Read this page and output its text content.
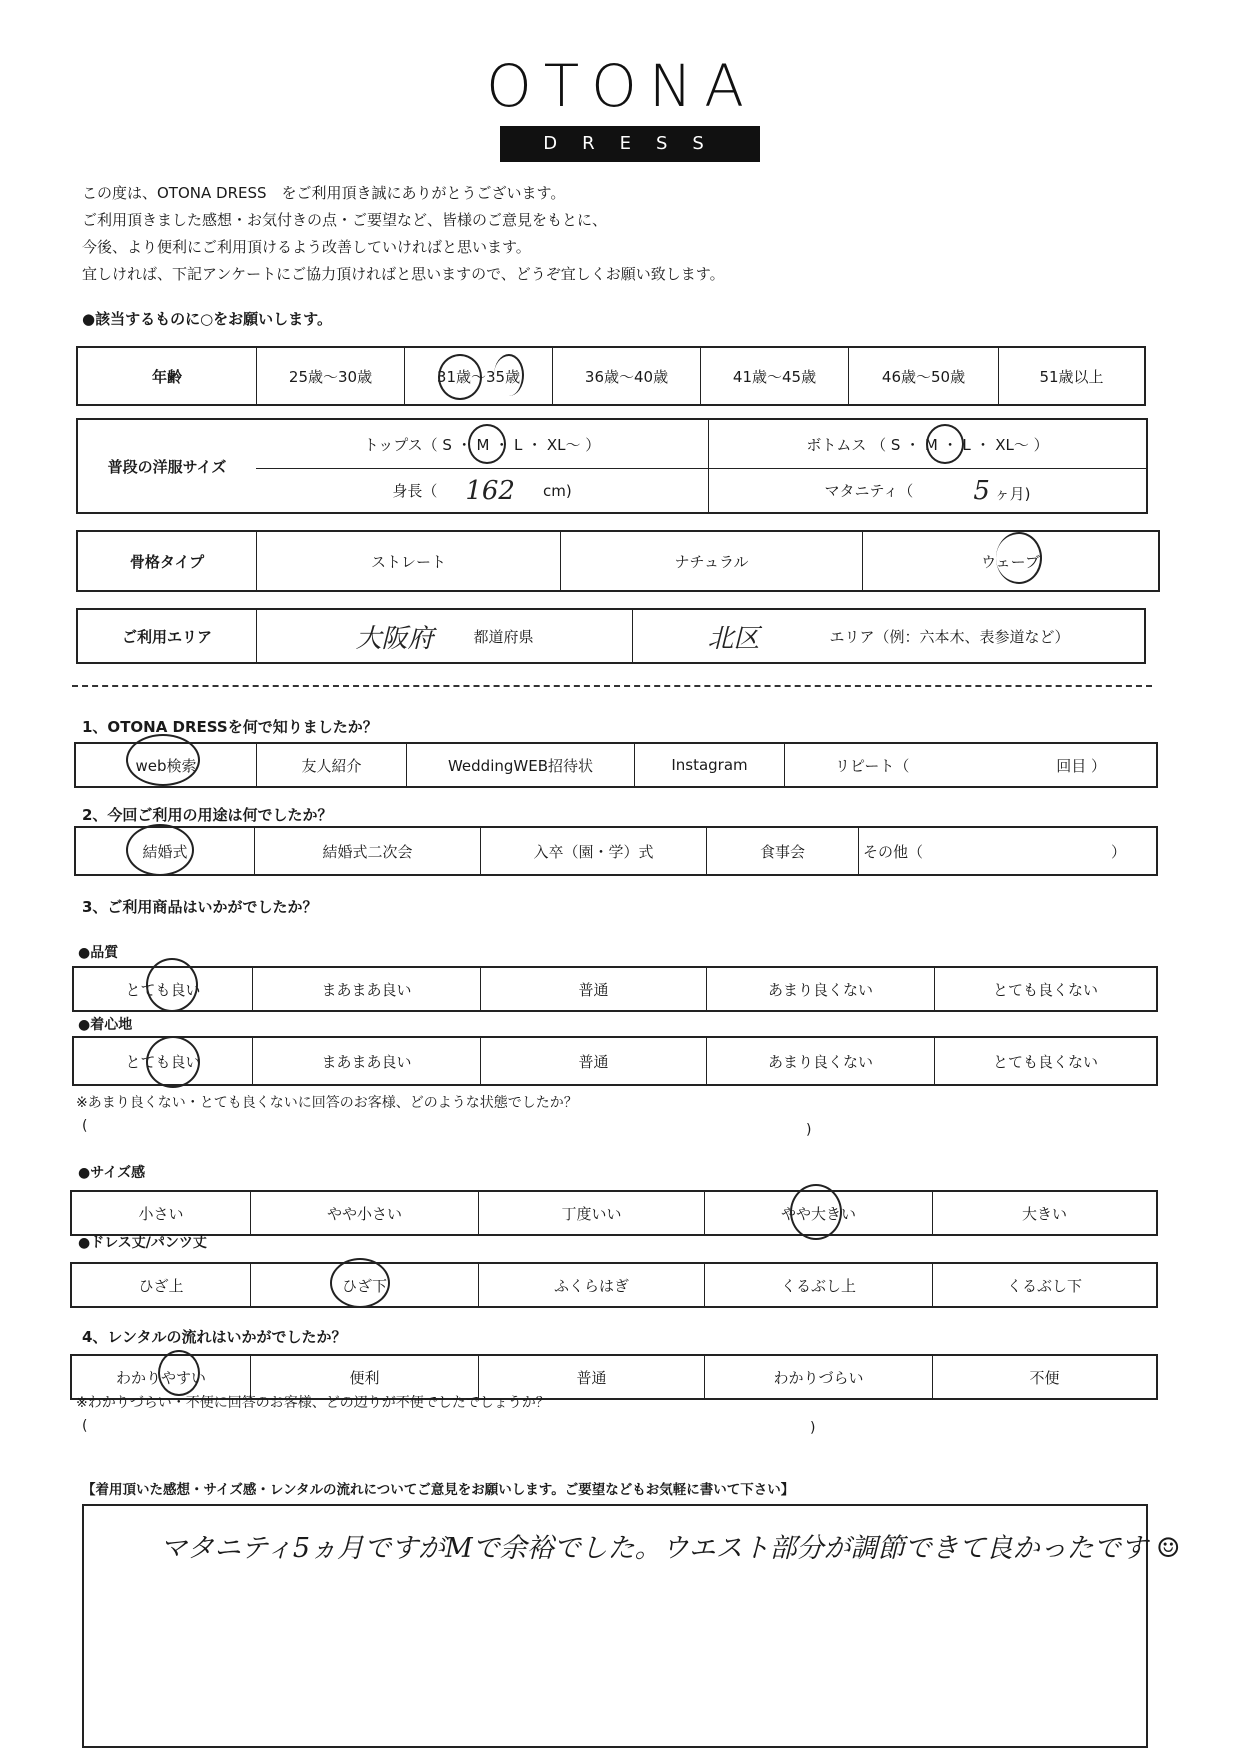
OTONA
DRESS
この度は、OTONA DRESS　をご利用頂き誠にありがとうございます。
ご利用頂きました感想・お気付きの点・ご要望など、皆様のご意見をもとに、
今後、より便利にご利用頂けるよう改善していければと思います。
宜しければ、下記アンケートにご協力頂ければと思いますので、どうぞ宜しくお願い致します。
●該当するものに○をお願いします。
年齢	25歳～30歳	31歳～35歳	36歳～40歳	41歳～45歳	46歳～50歳	51歳以上
普段の洋服サイズ
トップス（ S ・ M ・ L ・ XL～ ）	ボトムス （ S ・ M ・ L ・ XL～ ）
身長（ 162 cm)	マタニティ（ 5 ヶ月)
骨格タイプ	ストレート	ナチュラル	ウェーブ
ご利用エリア	大阪府	都道府県	北区	エリア（例：六本木、表参道など）
1、OTONA DRESSを何で知りましたか？
web検索	友人紹介	WeddingWEB招待状	Instagram	リピート（	回目 ）
2、今回ご利用の用途は何でしたか？
結婚式	結婚式二次会	入卒（園・学）式	食事会	その他（	）
3、ご利用商品はいかがでしたか？
●品質
とても良い	まあまあ良い	普通	あまり良くない	とても良くない
●着心地
とても良い	まあまあ良い	普通	あまり良くない	とても良くない
※あまり良くない・とても良くないに回答のお客様、どのような状態でしたか？
(	)
●サイズ感
小さい	やや小さい	丁度いい	やや大きい	大きい
●ドレス丈/パンツ丈
ひざ上	ひざ下	ふくらはぎ	くるぶし上	くるぶし下
4、レンタルの流れはいかがでしたか？
わかりやすい	便利	普通	わかりづらい	不便
※わかりづらい・不便に回答のお客様、どの辺りが不便でしたでしょうか？
(	)
【着用頂いた感想・サイズ感・レンタルの流れについてご意見をお願いします。ご要望などもお気軽に書いて下さい】
マタニティ5ヵ月ですがMで余裕でした。ウエスト部分が調節できて良かったです ☺
